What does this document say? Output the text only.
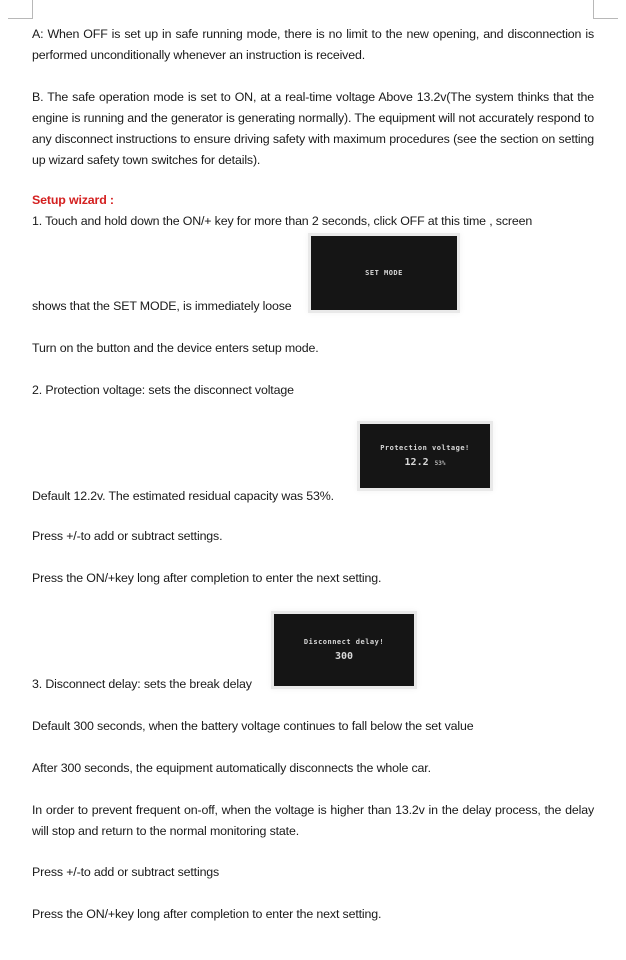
A: When OFF is set up in safe running mode, there is no limit to the new opening, and disconnection is performed unconditionally whenever an instruction is received.

B. The safe operation mode is set to ON, at a real-time voltage Above 13.2v(The system thinks that the engine is running and the generator is generating normally). The equipment will not accurately respond to any disconnect instructions to ensure driving safety with maximum procedures (see the section on setting up wizard safety town switches for details).

Setup wizard :

1. Touch and hold down the ON/+ key for more than 2 seconds, click OFF at this time , screen

SET MODE

shows that the SET MODE, is immediately loose

Turn on the button and the device enters setup mode.

2. Protection voltage: sets the disconnect voltage

Protection voltage!
12.2 53%

Default 12.2v. The estimated residual capacity was 53%.

Press +/-to add or subtract settings.

Press the ON/+key long after completion to enter the next setting.

Disconnect delay!
300

3. Disconnect delay: sets the break delay

Default 300 seconds, when the battery voltage continues to fall below the set value

After 300 seconds, the equipment automatically disconnects the whole car.

In order to prevent frequent on-off, when the voltage is higher than 13.2v in the delay process, the delay will stop and return to the normal monitoring state.

Press +/-to add or subtract settings

Press the ON/+key long after completion to enter the next setting.
